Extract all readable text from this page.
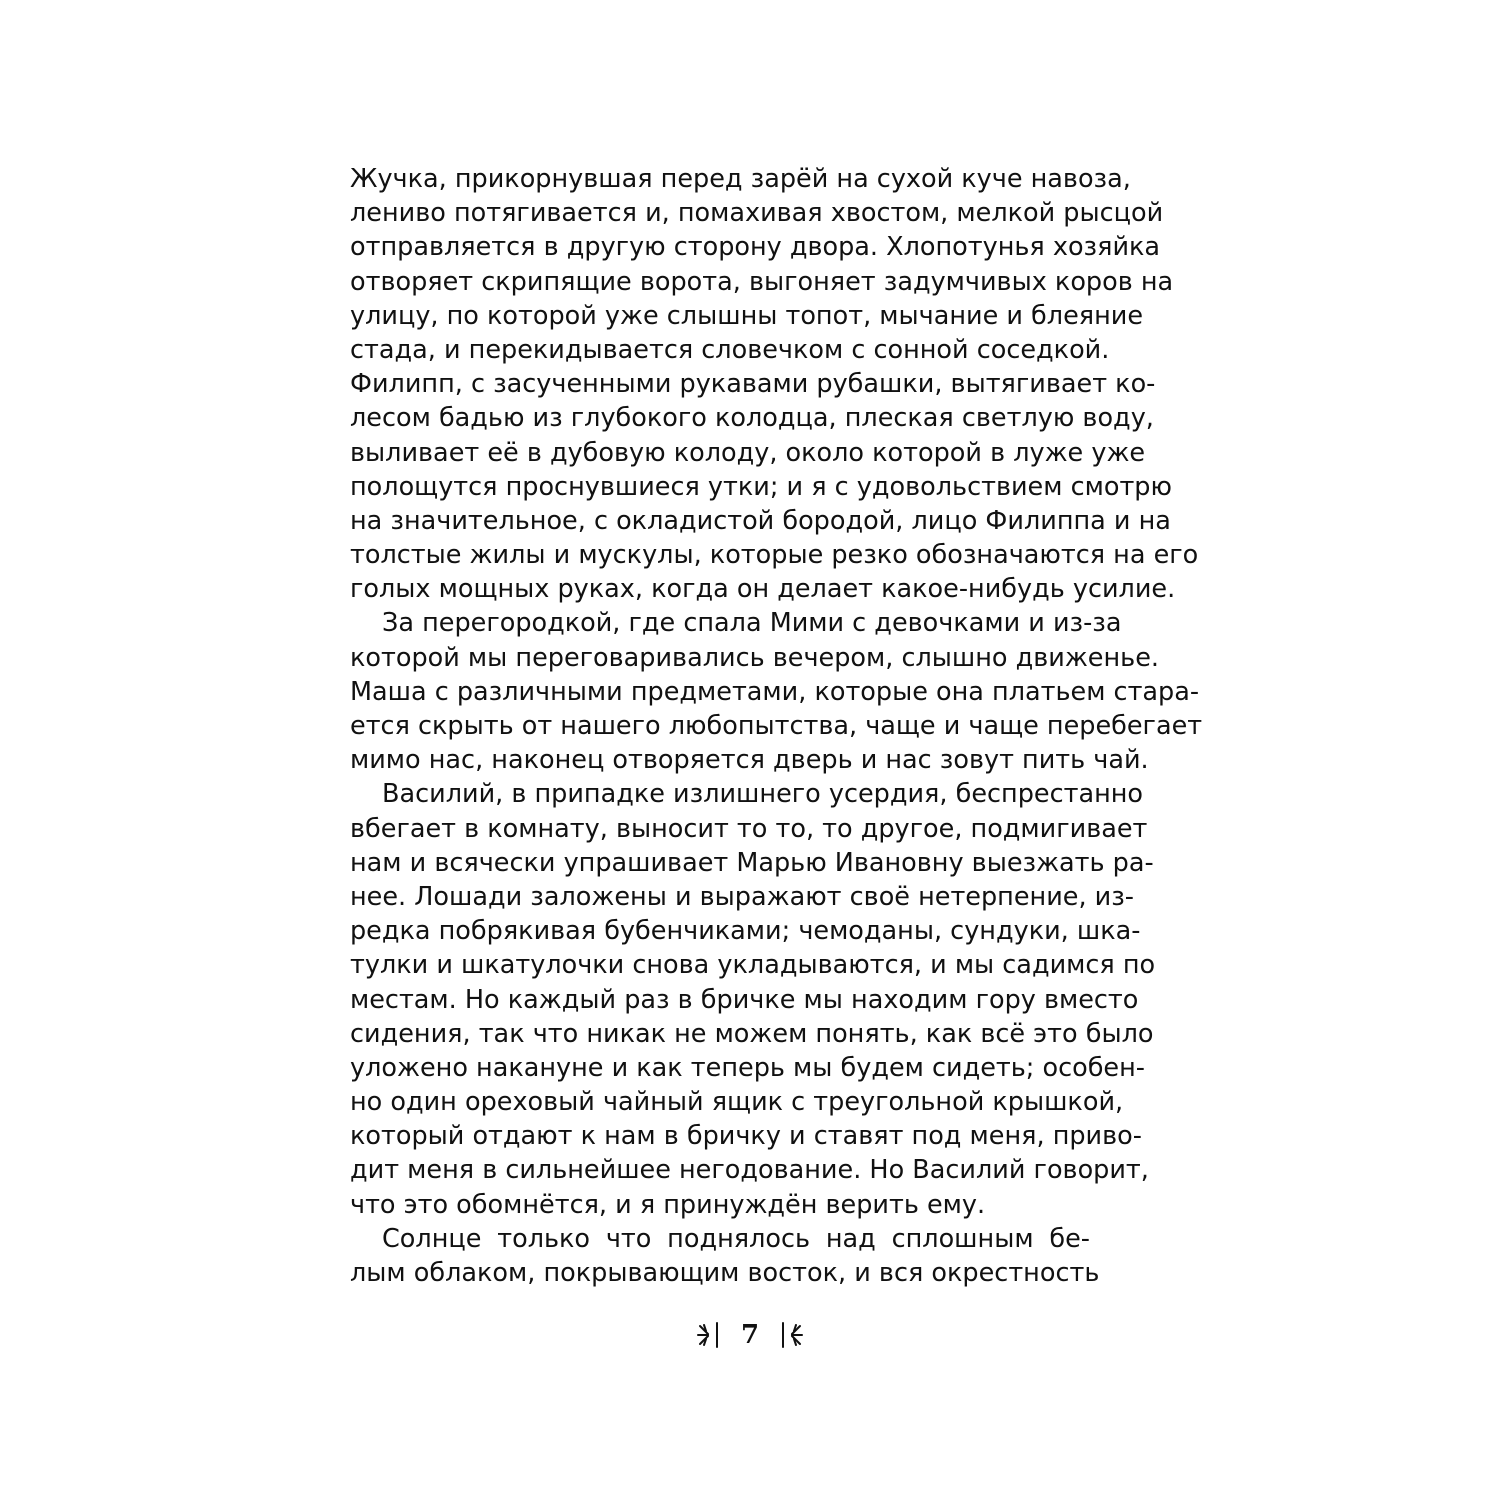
Жучка, прикорнувшая перед зарёй на сухой куче навоза,
лениво потягивается и, помахивая хвостом, мелкой рысцой
отправляется в другую сторону двора. Хлопотунья хозяйка
отворяет скрипящие ворота, выгоняет задумчивых коров на
улицу, по которой уже слышны топот, мычание и блеяние
стада, и перекидывается словечком с сонной соседкой.
Филипп, с засученными рукавами рубашки, вытягивает ко-
лесом бадью из глубокого колодца, плеская светлую воду,
выливает её в дубовую колоду, около которой в луже уже
полощутся проснувшиеся утки; и я с удовольствием смотрю
на значительное, с окладистой бородой, лицо Филиппа и на
толстые жилы и мускулы, которые резко обозначаются на его
голых мощных руках, когда он делает какое-нибудь усилие.
За перегородкой, где спала Мими с девочками и из-за
которой мы переговаривались вечером, слышно движенье.
Маша с различными предметами, которые она платьем стара-
ется скрыть от нашего любопытства, чаще и чаще перебегает
мимо нас, наконец отворяется дверь и нас зовут пить чай.
Василий, в припадке излишнего усердия, беспрестанно
вбегает в комнату, выносит то то, то другое, подмигивает
нам и всячески упрашивает Марью Ивановну выезжать ра-
нее. Лошади заложены и выражают своё нетерпение, из-
редка побрякивая бубенчиками; чемоданы, сундуки, шка-
тулки и шкатулочки снова укладываются, и мы садимся по
местам. Но каждый раз в бричке мы находим гору вместо
сидения, так что никак не можем понять, как всё это было
уложено накануне и как теперь мы будем сидеть; особен-
но один ореховый чайный ящик с треугольной крышкой,
который отдают к нам в бричку и ставят под меня, приво-
дит меня в сильнейшее негодование. Но Василий говорит,
что это обомнётся, и я принуждён верить ему.
Солнце только что поднялось над сплошным бе-
лым облаком, покрывающим восток, и вся окрестность
7
